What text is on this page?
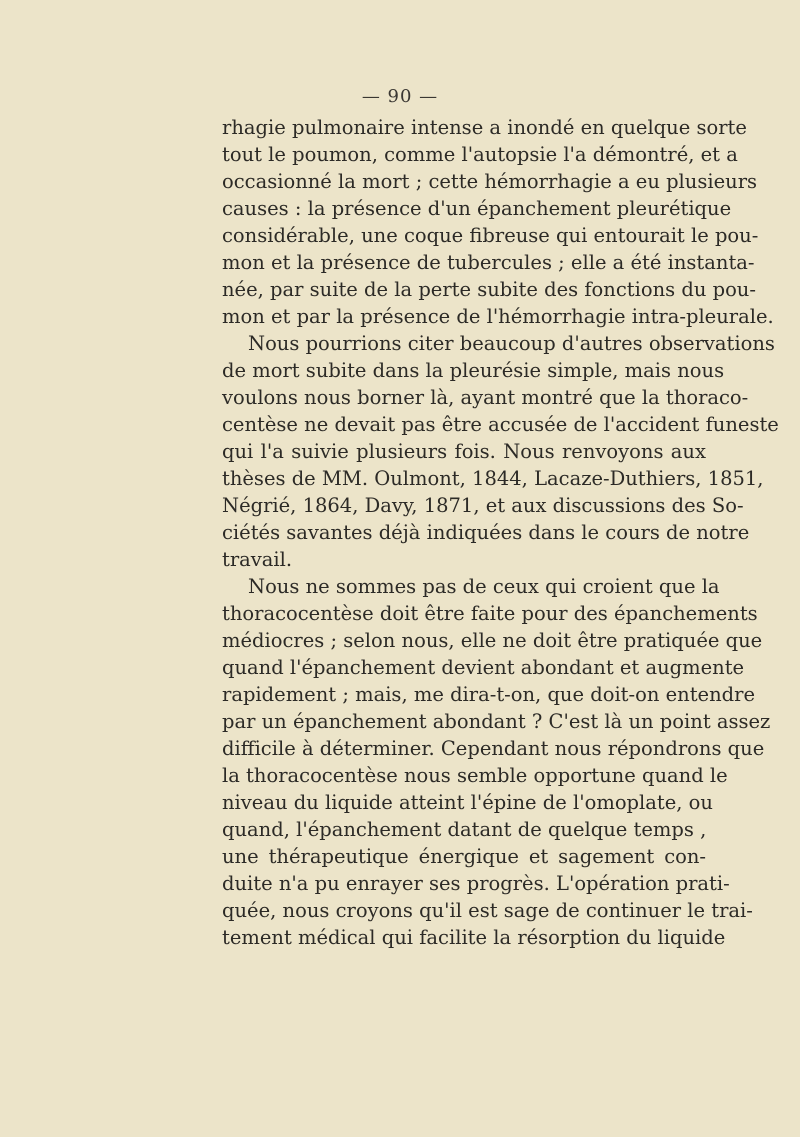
— 90 —
rhagie pulmonaire intense a inondé en quelque sorte
tout le poumon, comme l'autopsie l'a démontré, et a
occasionné la mort ; cette hémorrhagie a eu plusieurs
causes : la présence d'un épanchement pleurétique
considérable, une coque fibreuse qui entourait le pou-
mon et la présence de tubercules ; elle a été instanta-
née, par suite de la perte subite des fonctions du pou-
mon et par la présence de l'hémorrhagie intra-pleurale.
Nous pourrions citer beaucoup d'autres observations
de mort subite dans la pleurésie simple, mais nous
voulons nous borner là, ayant montré que la thoraco-
centèse ne devait pas être accusée de l'accident funeste
qui l'a suivie plusieurs fois. Nous renvoyons aux
thèses de MM. Oulmont, 1844, Lacaze-Duthiers, 1851,
Négrié, 1864, Davy, 1871, et aux discussions des So-
ciétés savantes déjà indiquées dans le cours de notre
travail.
Nous ne sommes pas de ceux qui croient que la
thoracocentèse doit être faite pour des épanchements
médiocres ; selon nous, elle ne doit être pratiquée que
quand l'épanchement devient abondant et augmente
rapidement ; mais, me dira-t-on, que doit-on entendre
par un épanchement abondant ? C'est là un point assez
difficile à déterminer. Cependant nous répondrons que
la thoracocentèse nous semble opportune quand le
niveau du liquide atteint l'épine de l'omoplate, ou
quand, l'épanchement datant de quelque temps ,
une thérapeutique énergique et sagement con-
duite n'a pu enrayer ses progrès. L'opération prati-
quée, nous croyons qu'il est sage de continuer le trai-
tement médical qui facilite la résorption du liquide
